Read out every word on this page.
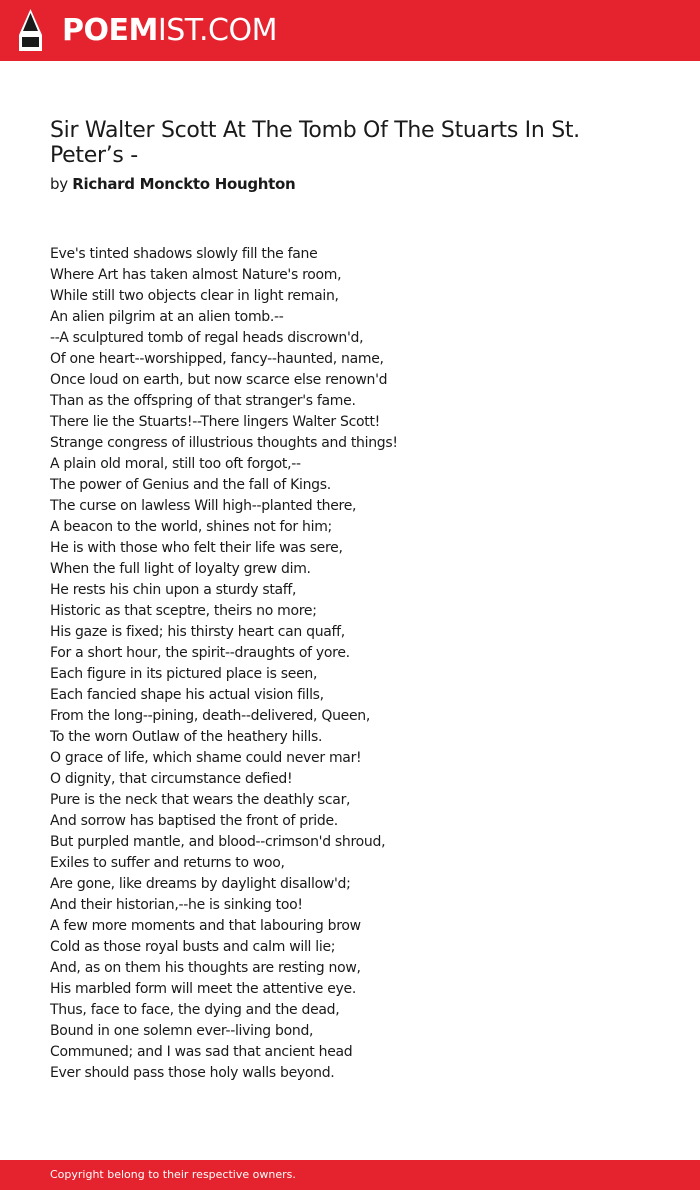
POEMIST.COM
Sir Walter Scott At The Tomb Of The Stuarts In St. Peter’s -
by Richard Monckto Houghton
Eve's tinted shadows slowly fill the fane
Where Art has taken almost Nature's room,
While still two objects clear in light remain,
An alien pilgrim at an alien tomb.--
--A sculptured tomb of regal heads discrown'd,
Of one heart--worshipped, fancy--haunted, name,
Once loud on earth, but now scarce else renown'd
Than as the offspring of that stranger's fame.
There lie the Stuarts!--There lingers Walter Scott!
Strange congress of illustrious thoughts and things!
A plain old moral, still too oft forgot,--
The power of Genius and the fall of Kings.
The curse on lawless Will high--planted there,
A beacon to the world, shines not for him;
He is with those who felt their life was sere,
When the full light of loyalty grew dim.
He rests his chin upon a sturdy staff,
Historic as that sceptre, theirs no more;
His gaze is fixed; his thirsty heart can quaff,
For a short hour, the spirit--draughts of yore.
Each figure in its pictured place is seen,
Each fancied shape his actual vision fills,
From the long--pining, death--delivered, Queen,
To the worn Outlaw of the heathery hills.
O grace of life, which shame could never mar!
O dignity, that circumstance defied!
Pure is the neck that wears the deathly scar,
And sorrow has baptised the front of pride.
But purpled mantle, and blood--crimson'd shroud,
Exiles to suffer and returns to woo,
Are gone, like dreams by daylight disallow'd;
And their historian,--he is sinking too!
A few more moments and that labouring brow
Cold as those royal busts and calm will lie;
And, as on them his thoughts are resting now,
His marbled form will meet the attentive eye.
Thus, face to face, the dying and the dead,
Bound in one solemn ever--living bond,
Communed; and I was sad that ancient head
Ever should pass those holy walls beyond.
Copyright belong to their respective owners.
